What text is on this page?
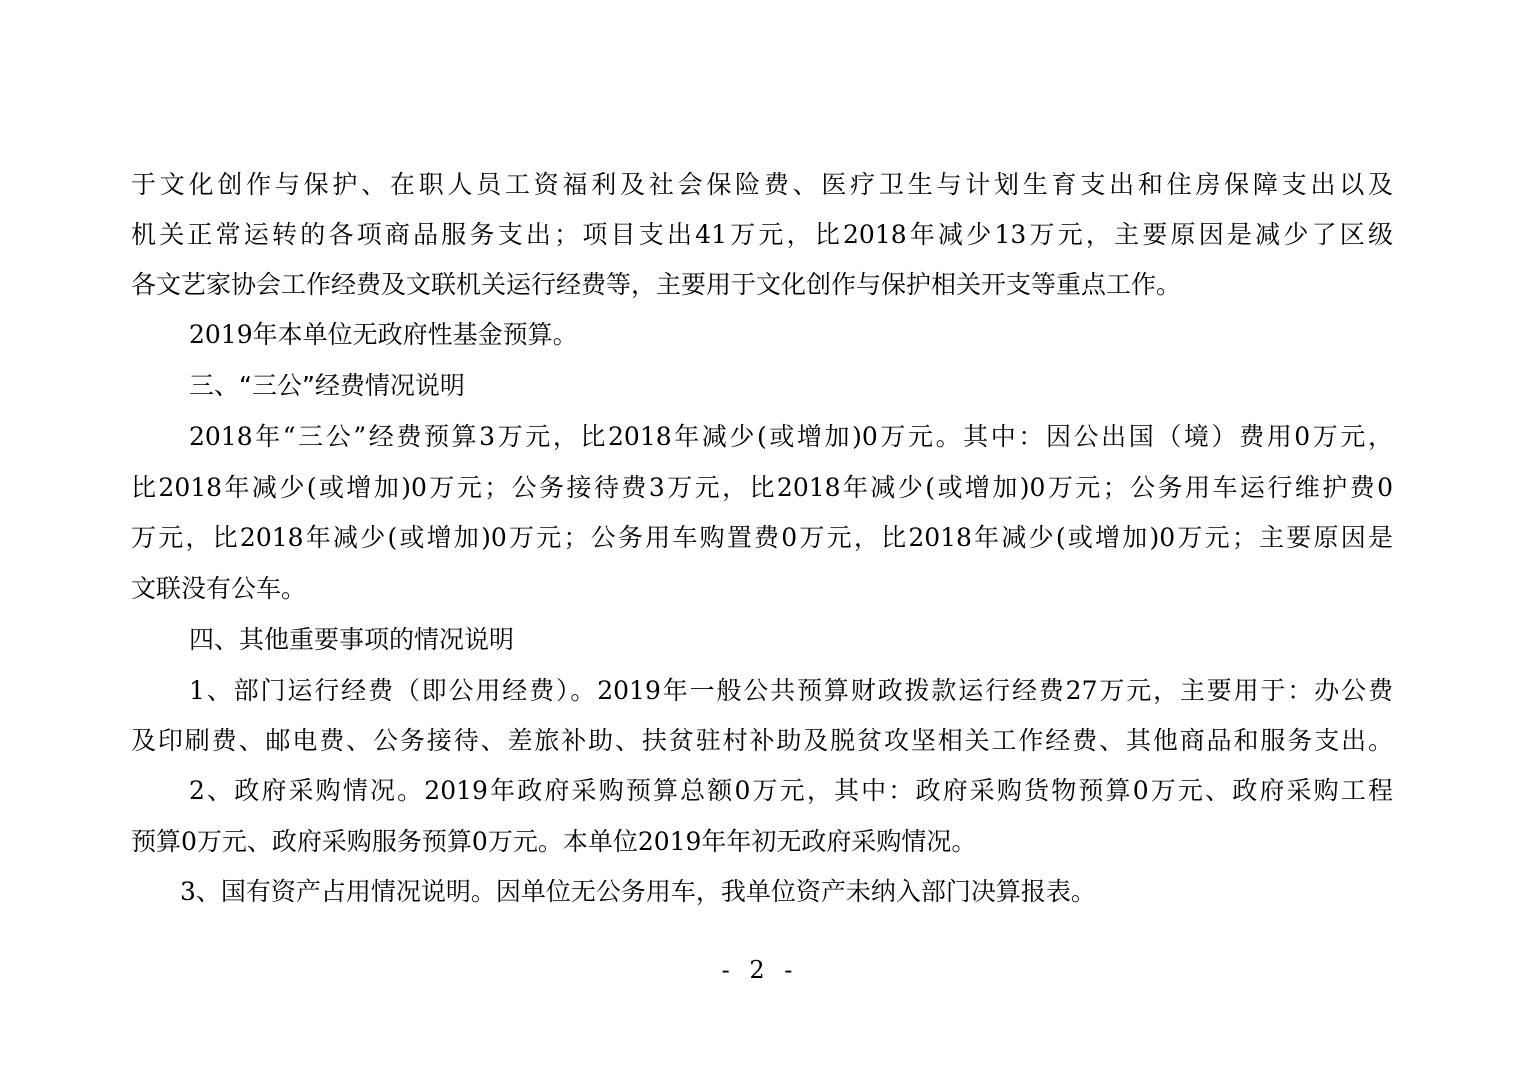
于文化创作与保护、在职人员工资福利及社会保险费、医疗卫生与计划生育支出和住房保障支出以及
机关正常运转的各项商品服务支出；项目支出41万元，比2018年减少13万元，主要原因是减少了区级
各文艺家协会工作经费及文联机关运行经费等，主要用于文化创作与保护相关开支等重点工作。
2019年本单位无政府性基金预算。
三、“三公”经费情况说明
2018年“三公”经费预算3万元，比2018年减少(或增加)0万元。其中：因公出国（境）费用0万元，
比2018年减少(或增加)0万元；公务接待费3万元，比2018年减少(或增加)0万元；公务用车运行维护费0
万元，比2018年减少(或增加)0万元；公务用车购置费0万元，比2018年减少(或增加)0万元；主要原因是
文联没有公车。
四、其他重要事项的情况说明
1、部门运行经费（即公用经费）。2019年一般公共预算财政拨款运行经费27万元，主要用于：办公费
及印刷费、邮电费、公务接待、差旅补助、扶贫驻村补助及脱贫攻坚相关工作经费、其他商品和服务支出。
2、政府采购情况。2019年政府采购预算总额0万元，其中：政府采购货物预算0万元、政府采购工程
预算0万元、政府采购服务预算0万元。本单位2019年年初无政府采购情况。
3、国有资产占用情况说明。因单位无公务用车，我单位资产未纳入部门决算报表。
- 2 -
